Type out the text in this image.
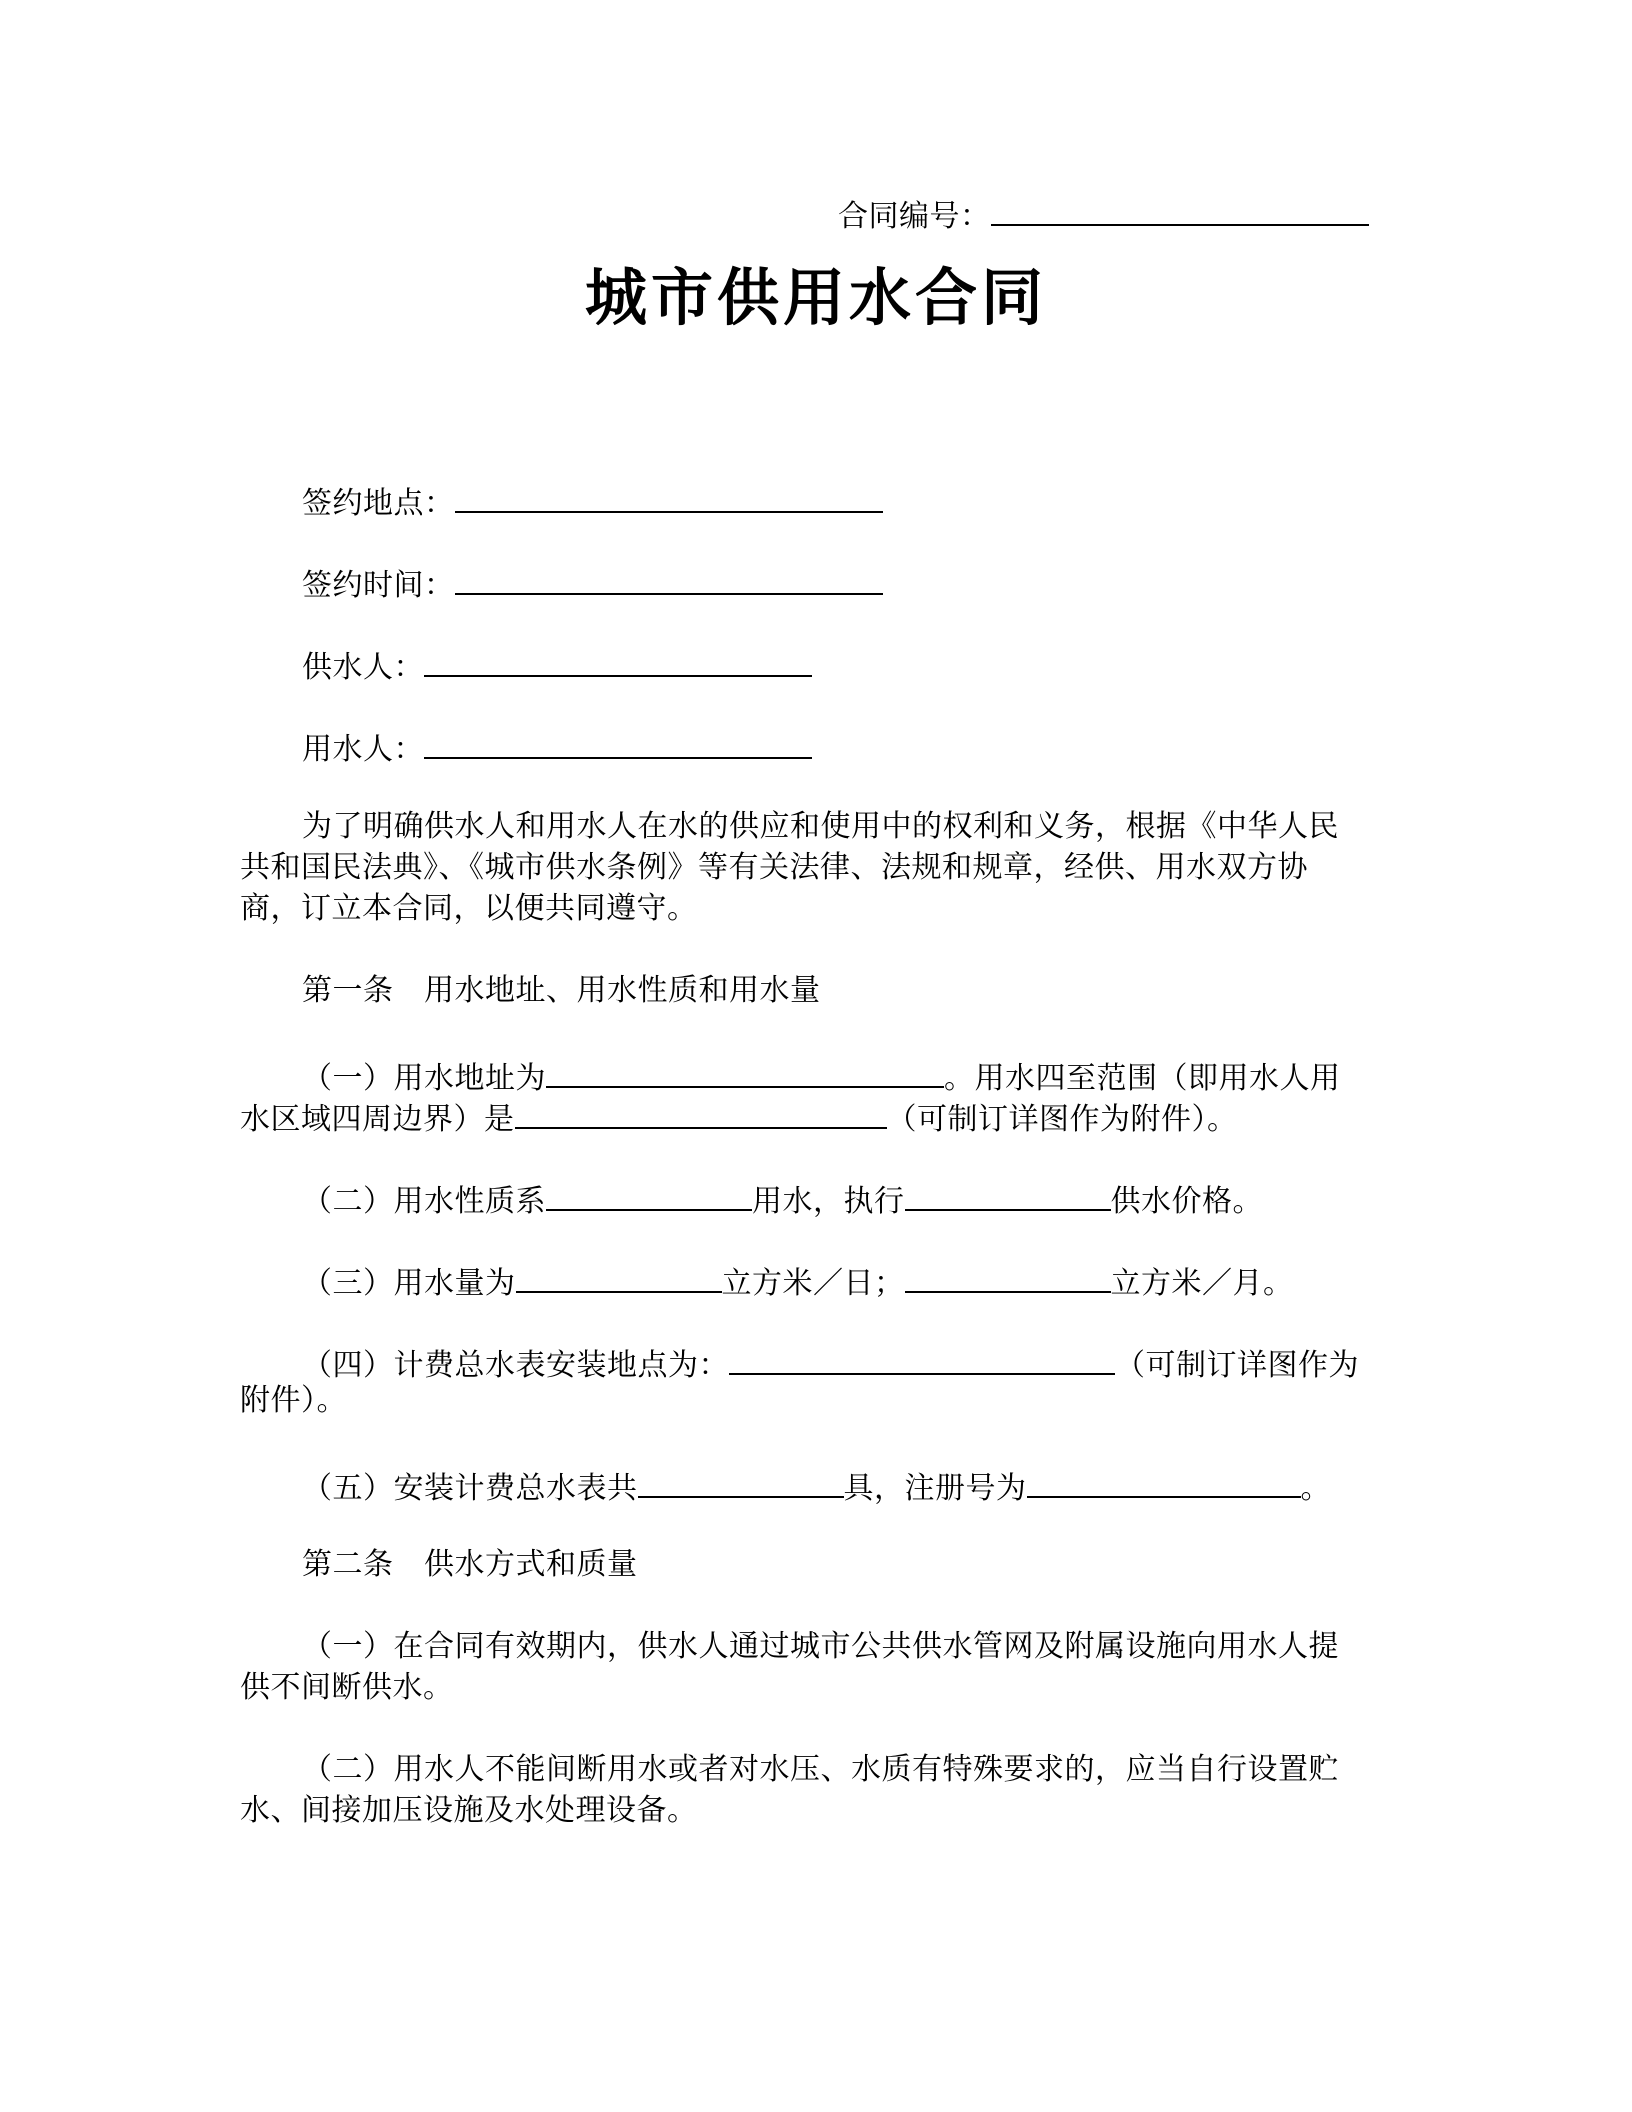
合同编号：
城市供用水合同
签约地点：
签约时间：
供水人：
用水人：
为了明确供水人和用水人在水的供应和使用中的权利和义务，根据《中华人民
共和国民法典》、《城市供水条例》等有关法律、法规和规章，经供、用水双方协
商，订立本合同，以便共同遵守。
第一条　用水地址、用水性质和用水量
（一）用水地址为	。用水四至范围（即用水人用
水区域四周边界）是	（可制订详图作为附件）。
（二）用水性质系	用水，执行	供水价格。
（三）用水量为	立方米／日；	立方米／月。
（四）计费总水表安装地点为：	（可制订详图作为
附件）。
（五）安装计费总水表共	具，注册号为	。
第二条　供水方式和质量
（一）在合同有效期内，供水人通过城市公共供水管网及附属设施向用水人提
供不间断供水。
（二）用水人不能间断用水或者对水压、水质有特殊要求的，应当自行设置贮
水、间接加压设施及水处理设备。
